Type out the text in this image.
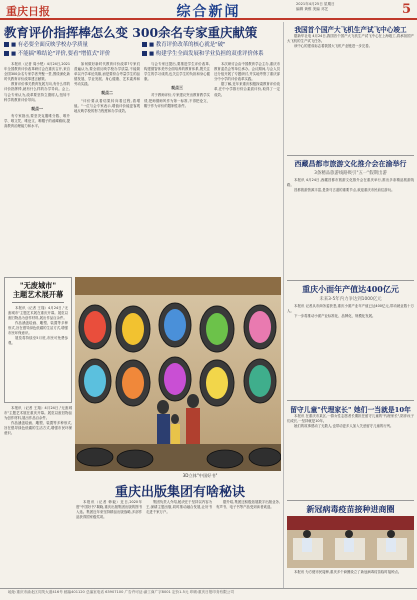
重庆日报	综合新闻	2021年4月25日 星期日
编辑 黄维 美编 邓艺	5
教育评价指挥棒怎么变 300余名专家重庆献策
■ 有必要全面反映学校办学质量	■ 教育评价改革的核心就是"破"
■ 不能搞"唯结论"评价,要看"增值式"评价	■ 构建学生全面发展和学业负担的双重评价体系

本报讯（记者 周小楚）4月24日,2021年全国教育评价改革研讨会在重庆召开,来自全国300余名专家学者齐聚一堂,围绕深化新时代教育评价改革建言献策。

教育评价事关教育发展方向,有什么样的评价指挥棒,就有什么样的办学导向。会上,与会专家认为,改革要坚持立德树人,扭转不科学的教育评价导向。

观点一

有专家指出,要坚决克服唯分数、唯升学、唯文凭、唯论文、唯帽子的顽瘴痼疾,提高教育治理能力和水平。

如何做好新时代教育评价改革?专家们普遍认为,要全面反映学校办学质量,不能简单以升学率论英雄,而是要综合考量学生的品德发展、学业发展、身心健康、艺术素养和劳动实践。

观点二

"评价要从看结果转向看过程,看增值。"一位与会专家表示,增值评价能更客观地反映学校的努力程度和办学成效。

与会专家还提出,要推进学生评价改革,构建德智体美劳全面培养的教育体系,既关注学生的学习成绩,也关注学生的负担和身心健康。

观点三

对于教师评价,专家建议突出教育教学实绩,把师德师风作为第一标准,不得把论文、帽子作为评价的限制性条件。

本次研讨会由中国教育学会主办,重庆市教育委员会等单位承办。会议期间,与会人员还分组开展了专题研讨,并实地考察了重庆部分中小学的评价改革实践。

据了解,近年来重庆积极探索教育评价改革,在中小学推行综合素质评价,取得了一定成效。

"无废城市"
主题艺术展开幕

本报讯（记者 王翔）4月24日,"无废城市"主题艺术展在重庆开幕。展览以废旧物品为创作材料,展出作品百余件。

作品涵盖绘画、雕塑、装置等多种形式,旨在倡导绿色低碳的生活方式,增强市民环保意识。

展览将持续至5月底,市民可免费参观。

本报讯（记者 王翔）4月24日,"无废城市"主题艺术展在重庆开幕。展览以废旧物品为创作材料,展出作品百余件。

作品涵盖绘画、雕塑、装置等多种形式,旨在倡导绿色低碳的生活方式,增强市民环保意识。

3D立体"中国好书"
重庆出版集团有啥秘诀

本报讯（记者 韩毅）近日,2020年度"中国好书"揭晓,重庆出版集团出版的图书入选。集团近年来坚持精品出版战略,多部作品获得国家级奖项。

集团负责人介绍,秘诀在于坚持以内容为王,深耕主题出版,同时推动融合发展,让好书走进千家万户。

据介绍,集团还积极拓展数字出版业务,有声书、电子书等产品受到读者欢迎。

我国首个国产大飞机生产试飞中心竣工

据新华社电 4月24日,我国首个国产大飞机生产试飞中心在上海竣工,将承担国产大飞机的生产试飞任务。

该中心的建成标志着我国大飞机产业链进一步完善。

西藏昌都市旅游文化推介会在渝举行
3条精品旅游线路吸引"五一"假期出游

本报讯 4月24日,西藏昌都市旅游文化推介会在重庆举行,推出多条精品旅游线路。

昌都旅游资源丰富,是茶马古道的重要节点,欢迎重庆市民前往游玩。

重庆小面年产值达400亿元
未来3-5年内力争达到1000亿元

本报讯 记者从市商务委获悉,重庆小面产业年产值已达400亿元,带动就业数十万人。

下一步将推动小面产业标准化、品牌化、规模化发展。

留守儿童"代理家长" 她们一当就是10年

本报讯 在重庆市某区,一群女性志愿者长期担任留守儿童的"代理家长",陪伴孩子们成长,一坚持就是10年。

她们的故事感动了无数人,也带动更多人加入关爱留守儿童的行列。

新冠病毒疫苗接种进商圈

本报讯 为方便市民接种,重庆多个商圈设立了新冠病毒疫苗临时接种点。

地址:重庆市渝北区同茂大道416号 邮编401120 总编室电话 63907100 广告许可证:渝工商广字8001 定价1.5元 印刷:重庆日报印务有限公司
